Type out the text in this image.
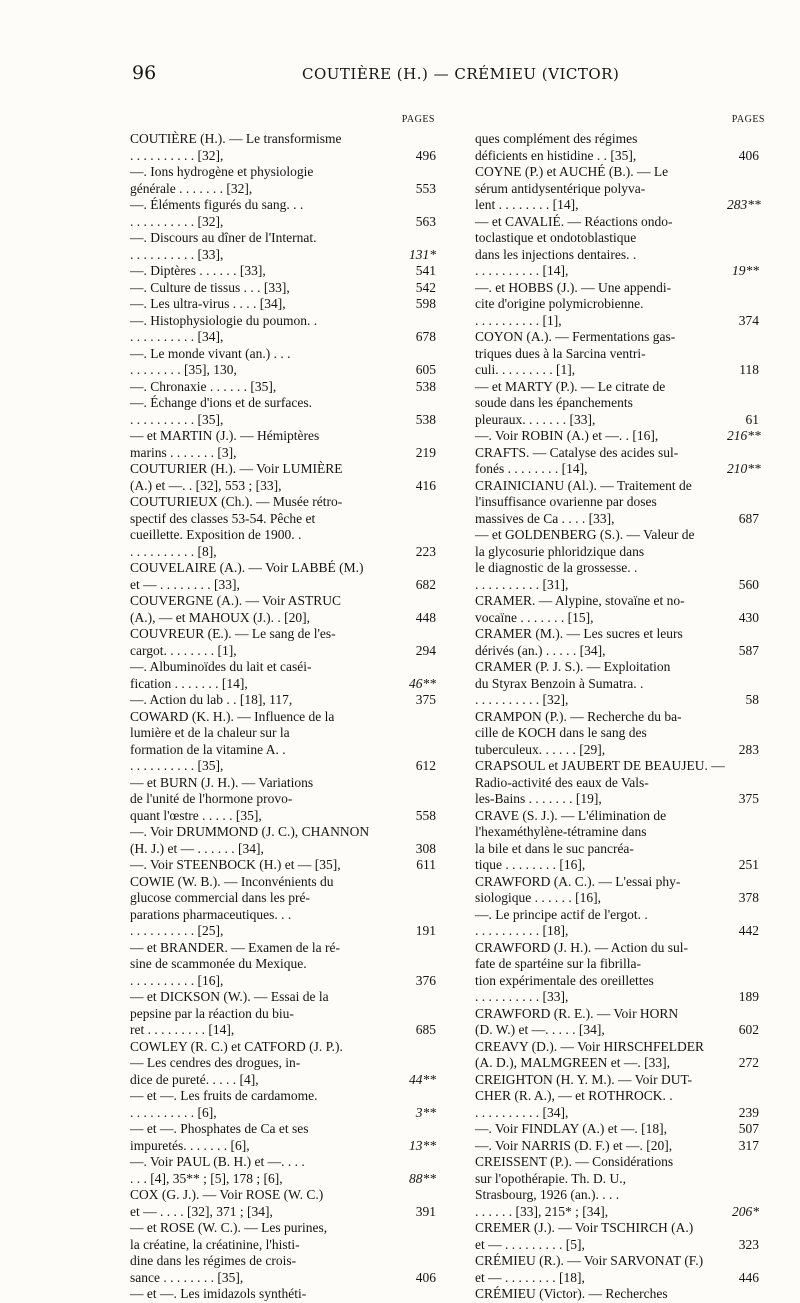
96	COUTIÈRE (H.) — CRÉMIEU (VICTOR)
PAGES
COUTIÈRE (H.). — Le transformisme
. . . . . . . . . . [32],	496
—. Ions hydrogène et physiologie
générale . . . . . . . [32],	553
—. Éléments figurés du sang. . .
. . . . . . . . . . [32],	563
—. Discours au dîner de l'Internat.
. . . . . . . . . . [33],	131*
—. Diptères . . . . . . [33],	541
—. Culture de tissus . . . [33],	542
—. Les ultra-virus . . . . [34],	598
—. Histophysiologie du poumon. .
. . . . . . . . . . [34],	678
—. Le monde vivant (an.) . . .
. . . . . . . . [35], 130,	605
—. Chronaxie . . . . . . [35],	538
—. Échange d'ions et de surfaces.
. . . . . . . . . . [35],	538
— et MARTIN (J.). — Hémiptères
marins . . . . . . . [3],	219
COUTURIER (H.). — Voir LUMIÈRE
(A.) et —. . [32], 553 ; [33],	416
COUTURIEUX (Ch.). — Musée rétro-
spectif des classes 53-54. Pêche et
cueillette. Exposition de 1900. .
. . . . . . . . . . [8],	223
COUVELAIRE (A.). — Voir LABBÉ (M.)
et — . . . . . . . . [33],	682
COUVERGNE (A.). — Voir ASTRUC
(A.), — et MAHOUX (J.). . [20],	448
COUVREUR (E.). — Le sang de l'es-
cargot. . . . . . . . [1],	294
—. Albuminoïdes du lait et caséi-
fication . . . . . . . [14],	46**
—. Action du lab . . [18], 117,	375
COWARD (K. H.). — Influence de la
lumière et de la chaleur sur la
formation de la vitamine A. .
. . . . . . . . . . [35],	612
— et BURN (J. H.). — Variations
de l'unité de l'hormone provo-
quant l'œstre . . . . . [35],	558
—. Voir DRUMMOND (J. C.), CHANNON
(H. J.) et — . . . . . . [34],	308
—. Voir STEENBOCK (H.) et — [35],	611
COWIE (W. B.). — Inconvénients du
glucose commercial dans les pré-
parations pharmaceutiques. . .
. . . . . . . . . . [25],	191
— et BRANDER. — Examen de la ré-
sine de scammonée du Mexique.
. . . . . . . . . . [16],	376
— et DICKSON (W.). — Essai de la
pepsine par la réaction du biu-
ret . . . . . . . . . [14],	685
COWLEY (R. C.) et CATFORD (J. P.).
— Les cendres des drogues, in-
dice de pureté. . . . . [4],	44**
— et —. Les fruits de cardamome.
. . . . . . . . . . [6],	3**
— et —. Phosphates de Ca et ses
impuretés. . . . . . . [6],	13**
—. Voir PAUL (B. H.) et —. . . .
. . . [4], 35** ; [5], 178 ; [6],	88**
COX (G. J.). — Voir ROSE (W. C.)
et — . . . . [32], 371 ; [34],	391
— et ROSE (W. C.). — Les purines,
la créatine, la créatinine, l'histi-
dine dans les régimes de crois-
sance . . . . . . . . [35],	406
— et —. Les imidazols synthéti-
PAGES
ques complément des régimes
déficients en histidine . . [35],	406
COYNE (P.) et AUCHÉ (B.). — Le
sérum antidysentérique polyva-
lent . . . . . . . . [14],	283**
— et CAVALIÉ. — Réactions ondo-
toclastique et ondotoblastique
dans les injections dentaires. .
. . . . . . . . . . [14],	19**
—. et HOBBS (J.). — Une appendi-
cite d'origine polymicrobienne.
. . . . . . . . . . [1],	374
COYON (A.). — Fermentations gas-
triques dues à la Sarcina ventri-
culi. . . . . . . . . [1],	118
— et MARTY (P.). — Le citrate de
soude dans les épanchements
pleuraux. . . . . . . [33],	61
—. Voir ROBIN (A.) et —. . [16],	216**
CRAFTS. — Catalyse des acides sul-
fonés . . . . . . . . [14],	210**
CRAINICIANU (Al.). — Traitement de
l'insuffisance ovarienne par doses
massives de Ca . . . . [33],	687
— et GOLDENBERG (S.). — Valeur de
la glycosurie phloridzique dans
le diagnostic de la grossesse. .
. . . . . . . . . . [31],	560
CRAMER. — Alypine, stovaïne et no-
vocaïne . . . . . . . [15],	430
CRAMER (M.). — Les sucres et leurs
dérivés (an.) . . . . . [34],	587
CRAMER (P. J. S.). — Exploitation
du Styrax Benzoin à Sumatra. .
. . . . . . . . . . [32],	58
CRAMPON (P.). — Recherche du ba-
cille de KOCH dans le sang des
tuberculeux. . . . . . [29],	283
CRAPSOUL et JAUBERT DE BEAUJEU. —
Radio-activité des eaux de Vals-
les-Bains . . . . . . . [19],	375
CRAVE (S. J.). — L'élimination de
l'hexaméthylène-tétramine dans
la bile et dans le suc pancréa-
tique . . . . . . . . [16],	251
CRAWFORD (A. C.). — L'essai phy-
siologique . . . . . . [16],	378
—. Le principe actif de l'ergot. .
. . . . . . . . . . [18],	442
CRAWFORD (J. H.). — Action du sul-
fate de spartéine sur la fibrilla-
tion expérimentale des oreillettes
. . . . . . . . . . [33],	189
CRAWFORD (R. E.). — Voir HORN
(D. W.) et —. . . . . [34],	602
CREAVY (D.). — Voir HIRSCHFELDER
(A. D.), MALMGREEN et —. [33],	272
CREIGHTON (H. Y. M.). — Voir DUT-
CHER (R. A.), — et ROTHROCK. .
. . . . . . . . . . [34],	239
—. Voir FINDLAY (A.) et —. [18],	507
—. Voir NARRIS (D. F.) et —. [20],	317
CREISSENT (P.). — Considérations
sur l'opothérapie. Th. D. U.,
Strasbourg, 1926 (an.). . . .
. . . . . . [33], 215* ; [34],	206*
CREMER (J.). — Voir TSCHIRCH (A.)
et — . . . . . . . . . [5],	323
CRÉMIEU (R.). — Voir SARVONAT (F.)
et — . . . . . . . . [18],	446
CRÉMIEU (Victor). — Recherches
